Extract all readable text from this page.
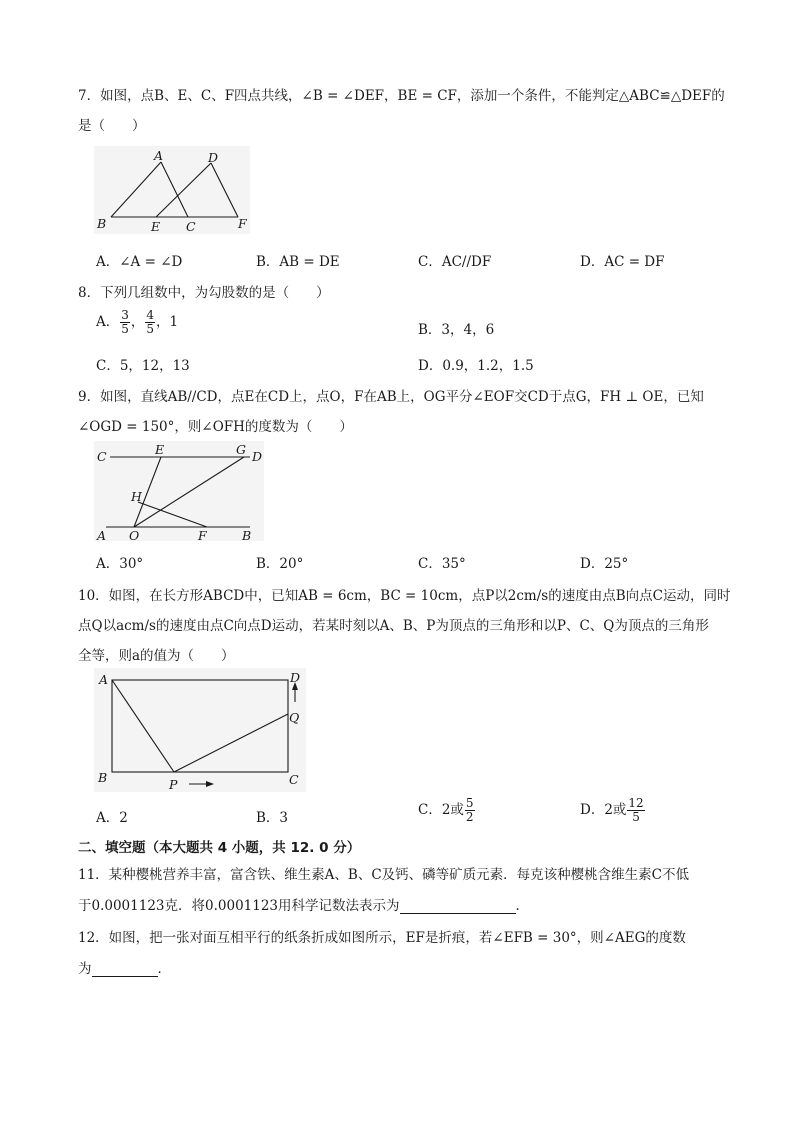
7．如图，点B、E、C、F四点共线，∠B = ∠DEF，BE = CF，添加一个条件，不能判定△ABC≌△DEF的
是（　　）
A	D
B	E C	F
A．∠A = ∠D	B．AB = DE	C．AC//DF	D．AC = DF
8．下列几组数中，为勾股数的是（　　）
A． $\frac{3}{5}$ ， $\frac{4}{5}$ ，1	B．3，4，6
C．5，12，13	D．0.9，1.2，1.5
9．如图，直线AB//CD，点E在CD上，点O，F在AB上，OG平分∠EOF交CD于点G，FH ⊥ OE，已知
∠OGD = 150°，则∠OFH的度数为（　　）
C	E	G D
H
A O	F	B
A．30°	B．20°	C．35°	D．25°
10．如图，在长方形ABCD中，已知AB = 6cm，BC = 10cm，点P以2cm/s的速度由点B向点C运动，同时
点Q以acm/s的速度由点C向点D运动，若某时刻以A、B、P为顶点的三角形和以P、C、Q为顶点的三角形
全等，则a的值为（　　）
A	D
Q
B	C
P
A．2	B．3	C．2或 $\frac{5}{2}$	D．2或 $\frac{12}{5}$
二、填空题（本大题共 4 小题，共 12. 0 分）
11．某种樱桃营养丰富，富含铁、维生素A、B、C及钙、磷等矿质元素．每克该种樱桃含维生素C不低
于0.0001123克．将0.0001123用科学记数法表示为	．
12．如图，把一张对面互相平行的纸条折成如图所示，EF是折痕，若∠EFB = 30°，则∠AEG的度数
为	．
